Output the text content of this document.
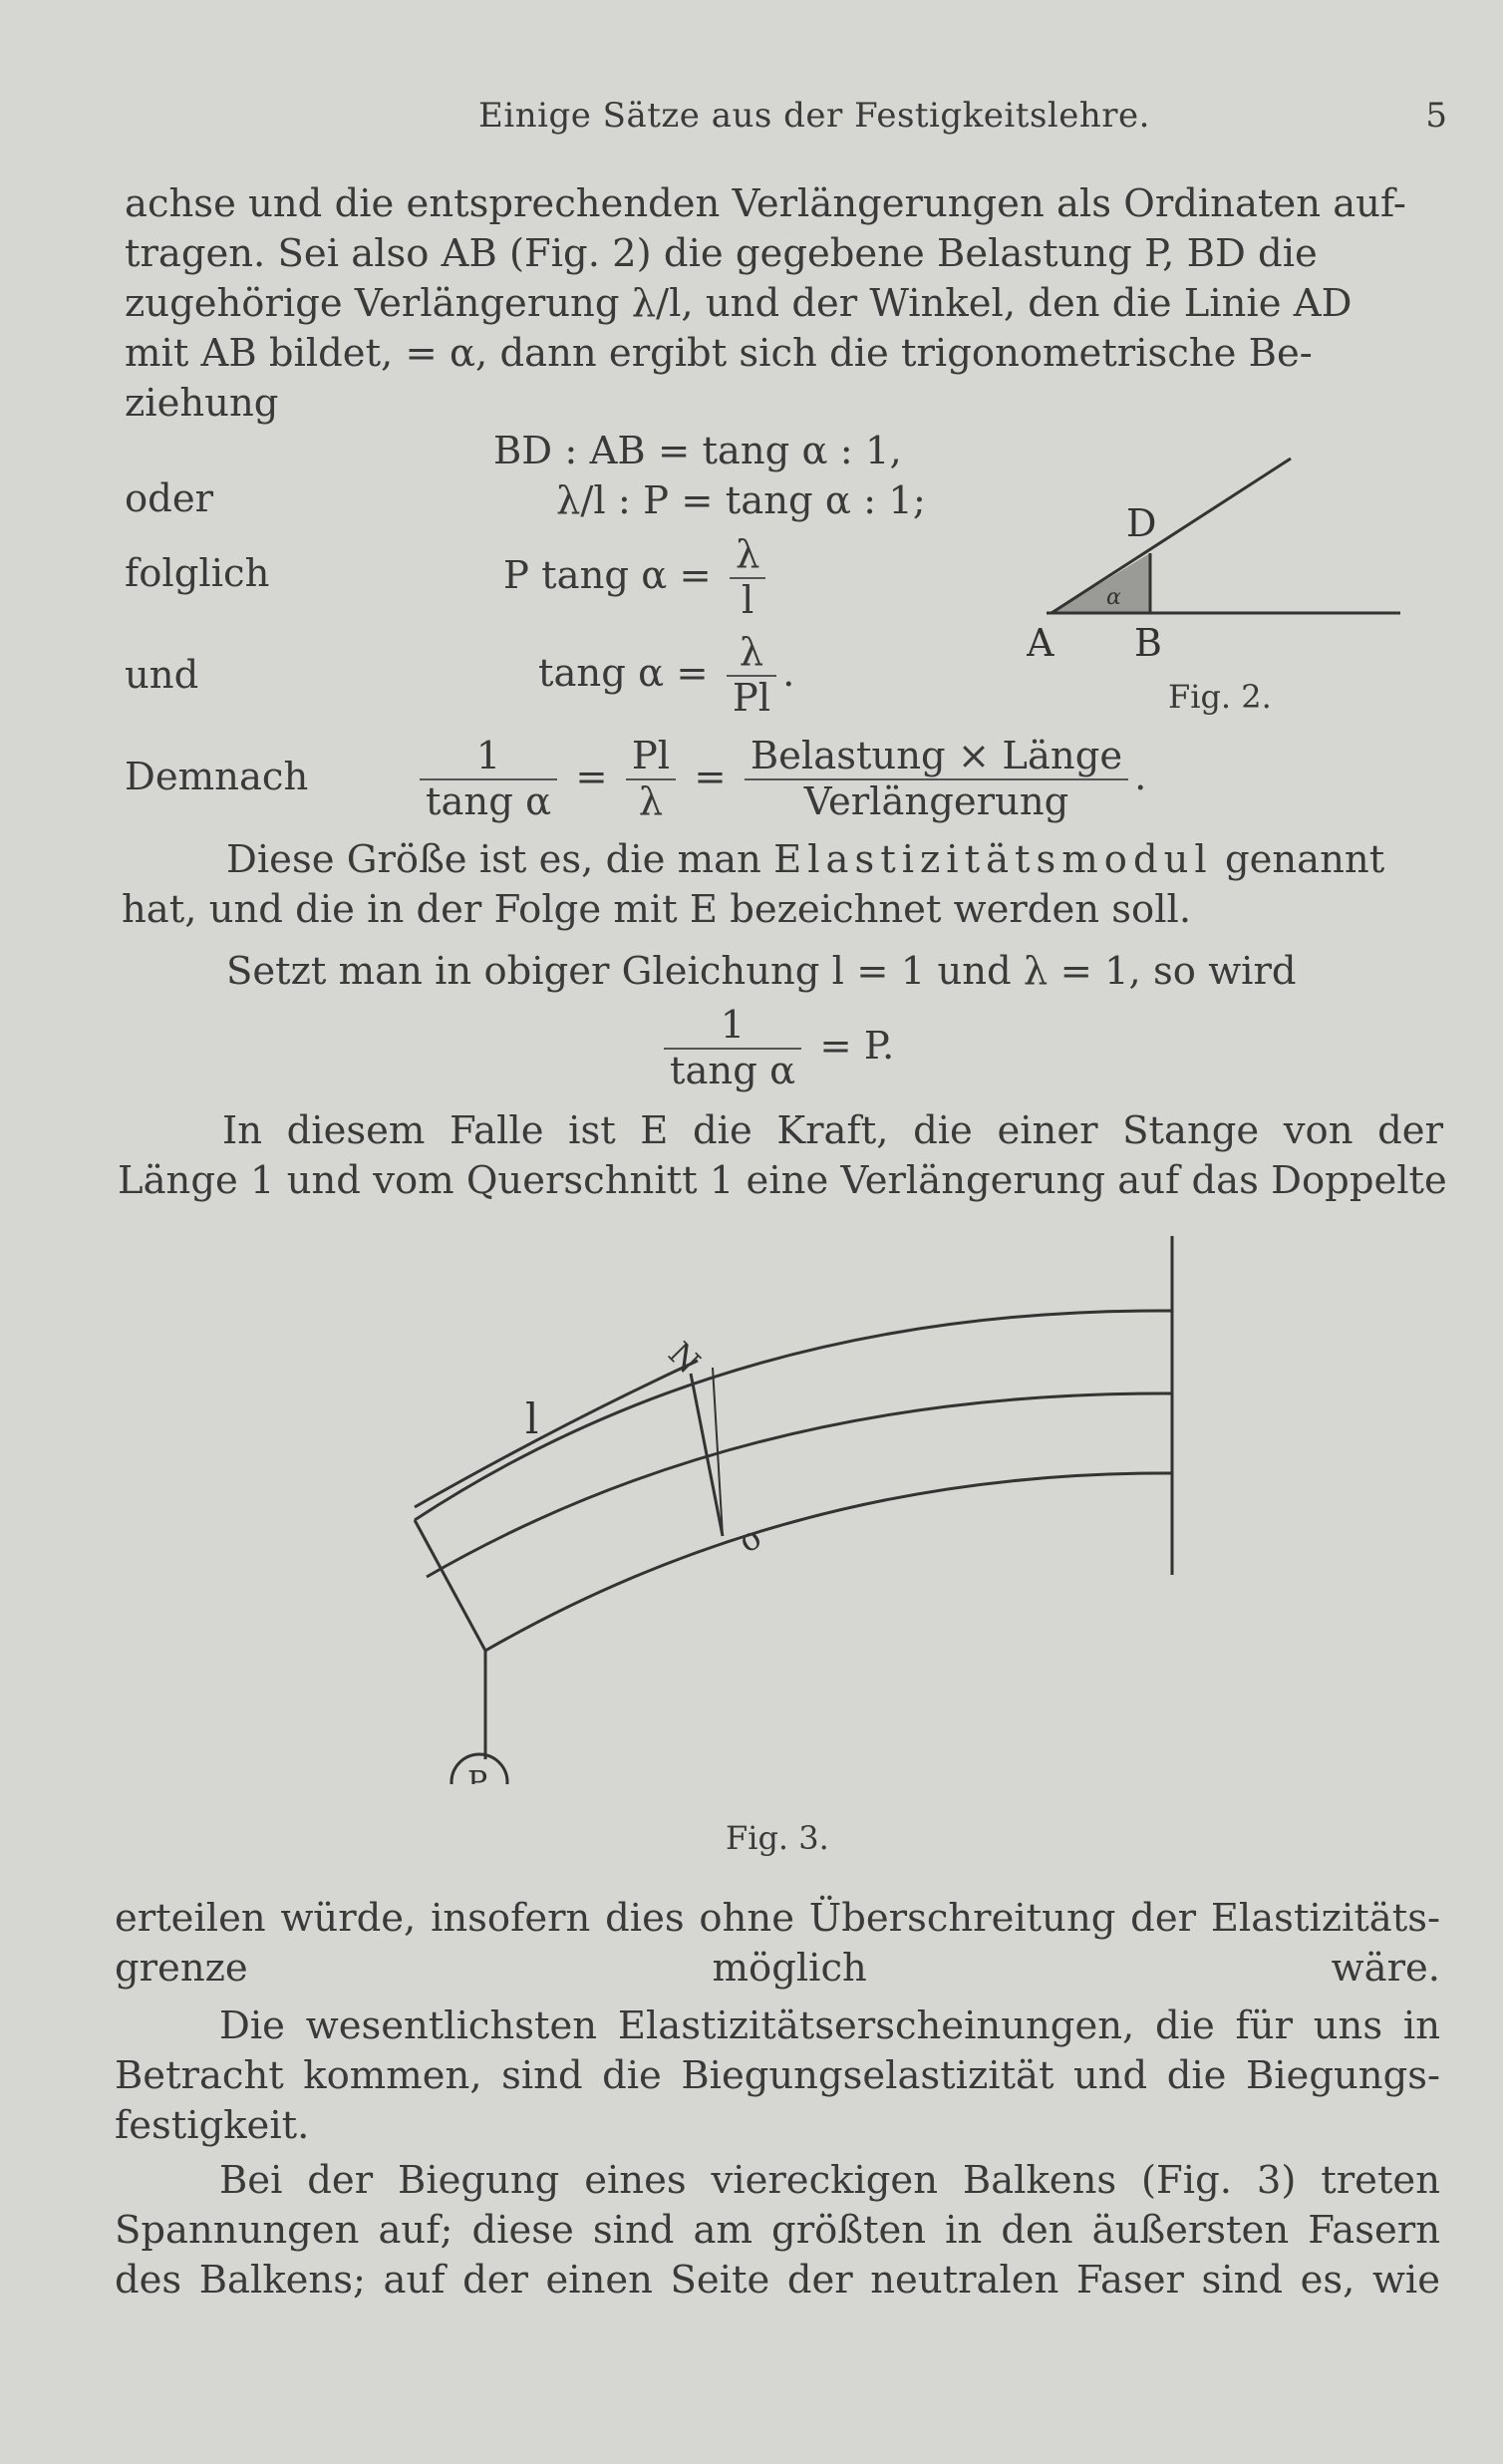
Einige Sätze aus der Festigkeitslehre.	5
achse und die entsprechenden Verlängerungen als Ordinaten auf-
tragen. Sei also AB (Fig. 2) die gegebene Belastung P, BD die
zugehörige Verlängerung λ/l, und der Winkel, den die Linie AD
mit AB bildet, = α, dann ergibt sich die trigonometrische Be-
ziehung
BD : AB = tang α : 1,
oder	λ/l : P = tang α : 1;
folglich	P tang $\alpha = \frac{\lambda}{l}$
und	tang $\alpha = \frac{\lambda}{Pl}$ .
Demnach	$\frac{1}{\text{tang α}} = \frac{Pl}{\lambda} = \frac{\text{Belastung × Länge}}{\text{Verlängerung}}$ .
α
D
A B
Fig. 2.
Diese Größe ist es, die man Elastizitätsmodul genannt
hat, und die in der Folge mit E bezeichnet werden soll.
Setzt man in obiger Gleichung l = 1 und λ = 1, so wird
$\frac{1}{\text{tang α}} = P$.
In diesem Falle ist E die Kraft, die einer Stange von der
Länge 1 und vom Querschnitt 1 eine Verlängerung auf das Doppelte
l
N
o
P
Fig. 3.
erteilen würde, insofern dies ohne Überschreitung der Elastizitäts-
grenze möglich wäre.
Die wesentlichsten Elastizitätserscheinungen, die für uns in
Betracht kommen, sind die Biegungselastizität und die Biegungs-
festigkeit.
Bei der Biegung eines viereckigen Balkens (Fig. 3) treten
Spannungen auf; diese sind am größten in den äußersten Fasern
des Balkens; auf der einen Seite der neutralen Faser sind es, wie
